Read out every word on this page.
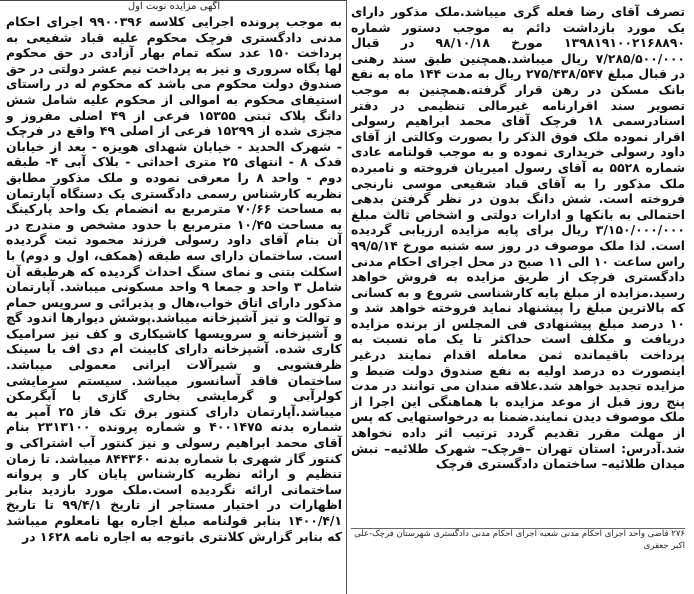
آگهی مزایده نوبت اول	تصرف آقای رضا فعله گری میباشد.ملک مذکور دارای یک مورد بازداشت دائم به موجب دستور شماره ۱۳۹۸۱۹۱۰۰۲۱۶۸۸۹۰ مورخ ۹۸/۱۰/۱۸ در قبال ۷/۲۸۵/۵۰۰/۰۰۰ ریال میباشد.همچنین طبق سند رهنی در قبال مبلغ ۲۷۵/۴۳۸/۵۴۷ ریال به مدت ۱۴۴ ماه به نفع بانک مسکن در رهن قرار گرفته.همچنین به موجب تصویر سند اقرارنامه غیرمالی تنظیمی در دفتر اسنادرسمی ۱۸ فرچک آقای محمد ابراهیم رسولی اقرار نموده ملک فوق الذکر را بصورت وکالتی از آقای داود رسولی خریداری نموده و به موجب قولنامه عادی شماره ۵۵۲۸ به آقای رسول امیریان فروخته و نامبرده ملک مذکور را به آقای قباد شفیعی موسی نارنجی فروخته است. شش دانگ بدون در نظر گرفتن بدهی احتمالی به بانکها و ادارات دولتی و اشخاص ثالث مبلغ ۳/۱۵۰/۰۰۰/۰۰۰ ریال برای پایه مزایده ارزیابی گردیده است. لذا ملک موصوف در روز سه شنبه مورخ ۹۹/۵/۱۴ راس ساعت ۱۰ الی ۱۱ صبح در محل اجرای احکام مدنی دادگستری فرچک از طریق مزایده به فروش خواهد رسید.مزایده از مبلغ پایه کارشناسی شروع و به کسانی که بالاترین مبلغ را پیشنهاد نماید فروخته خواهد شد و ۱۰ درصد مبلغ پیشنهادی فی المجلس از برنده مزایده دریافت و مکلف است حداکثر تا یک ماه نسبت به پرداخت باقیمانده ثمن معامله اقدام نمایند درغیر اینصورت ده درصد اولیه به نفع صندوق دولت ضبط و مزایده تجدید خواهد شد.علاقه مندان می توانند در مدت پنج روز قبل از موعد مزایده با هماهنگی این اجرا از ملک موصوف دیدن نمایند.ضمنا به درخواستهایی که پس از مهلت مقرر تقدیم گردد ترتیب اثر داده نخواهد شد.آدرس: استان تهران –فرچک– شهرک طلائیه– نبش میدان طلائیه– ساختمان دادگستری فرچک

به موجب پرونده اجرایی کلاسه ۹۹۰۰۳۹۶ اجرای احکام مدنی دادگستری فرچک محکوم علیه قباد شفیعی به پرداخت ۱۵۰ عدد سکه تمام بهار آزادی در حق محکوم لها پگاه سروری و نیز به پرداخت نیم عشر دولتی در حق صندوق دولت محکوم می باشد که محکوم له در راستای استیفای محکوم به اموالی از محکوم علیه شامل شش دانگ پلاک ثبتی ۱۵۳۵۵ فرعی از ۴۹ اصلی مفروز و مجزی شده از ۱۵۲۹۹ فرعی از اصلی ۴۹ واقع در فرچک - شهرک الحدید - خیابان شهدای هویزه - بعد از خیابان فدک ۸ - انتهای ۲۵ متری احداثی - بلاک آبی ۴- طبقه دوم - واحد ۸ را معرفی نموده و ملک مذکور مطابق نظریه کارشناس رسمی دادگستری یک دستگاه آپارتمان به مساحت ۷۰/۶۶ مترمربع به انضمام یک واحد پارکینگ به مساحت ۱۰/۴۵ مترمربع با حدود مشخص و مندرج در آن بنام آقای داود رسولی فرزند محمود ثبت گردیده است. ساختمان دارای سه طبقه (همکف، اول و دوم) با اسکلت بتنی و نمای سنگ احداث گردیده که هرطبقه آن شامل ۳ واحد و جمعا ۹ واحد مسکونی میباشد. آپارتمان مذکور دارای اتاق خواب،هال و پذیرائی و سرویس حمام و توالت و نیز آشپزخانه میباشد.پوشش دیوارها اندود گچ و آشپزخانه و سرویسها کاشیکاری و کف نیز سرامیک کاری شده. آشپزخانه دارای کابینت ام دی اف با سینک ظرفشویی و شیرآلات ایرانی معمولی میباشد. ساختمان فاقد آسانسور میباشد. سیستم سرمایشی کولرآبی و گرمایشی بخاری گازی با آبگرمکن میباشد.آپارتمان دارای کنتور برق تک فاز ۲۵ آمپر به شماره بدنه ۴۰۰۱۴۷۵ و شماره پرونده ۲۳۱۳۱۰۰ بنام آقای محمد ابراهیم رسولی و نیز کنتور آب اشتراکی و کنتور گاز شهری با شماره بدنه ۸۴۴۳۶۰ میباشد. تا زمان تنظیم و ارائه نظریه کارشناس پایان کار و پروانه ساختمانی ارائه نگردیده است.ملک مورد بازدید بنابر اظهارات در اختیار مستاجر از تاریخ ۹۹/۴/۱ تا تاریخ ۱۴۰۰/۴/۱ بنابر قولنامه مبلغ اجاره بها نامعلوم میباشد که بنابر گزارش کلانتری باتوجه به اجاره نامه ۱۶۲۸ در	۲۷۶ قاضی واحد اجرای احکام مدنی شعبه اجرای احکام مدنی دادگستری شهرستان فرچک-علی اکبر جعفری
